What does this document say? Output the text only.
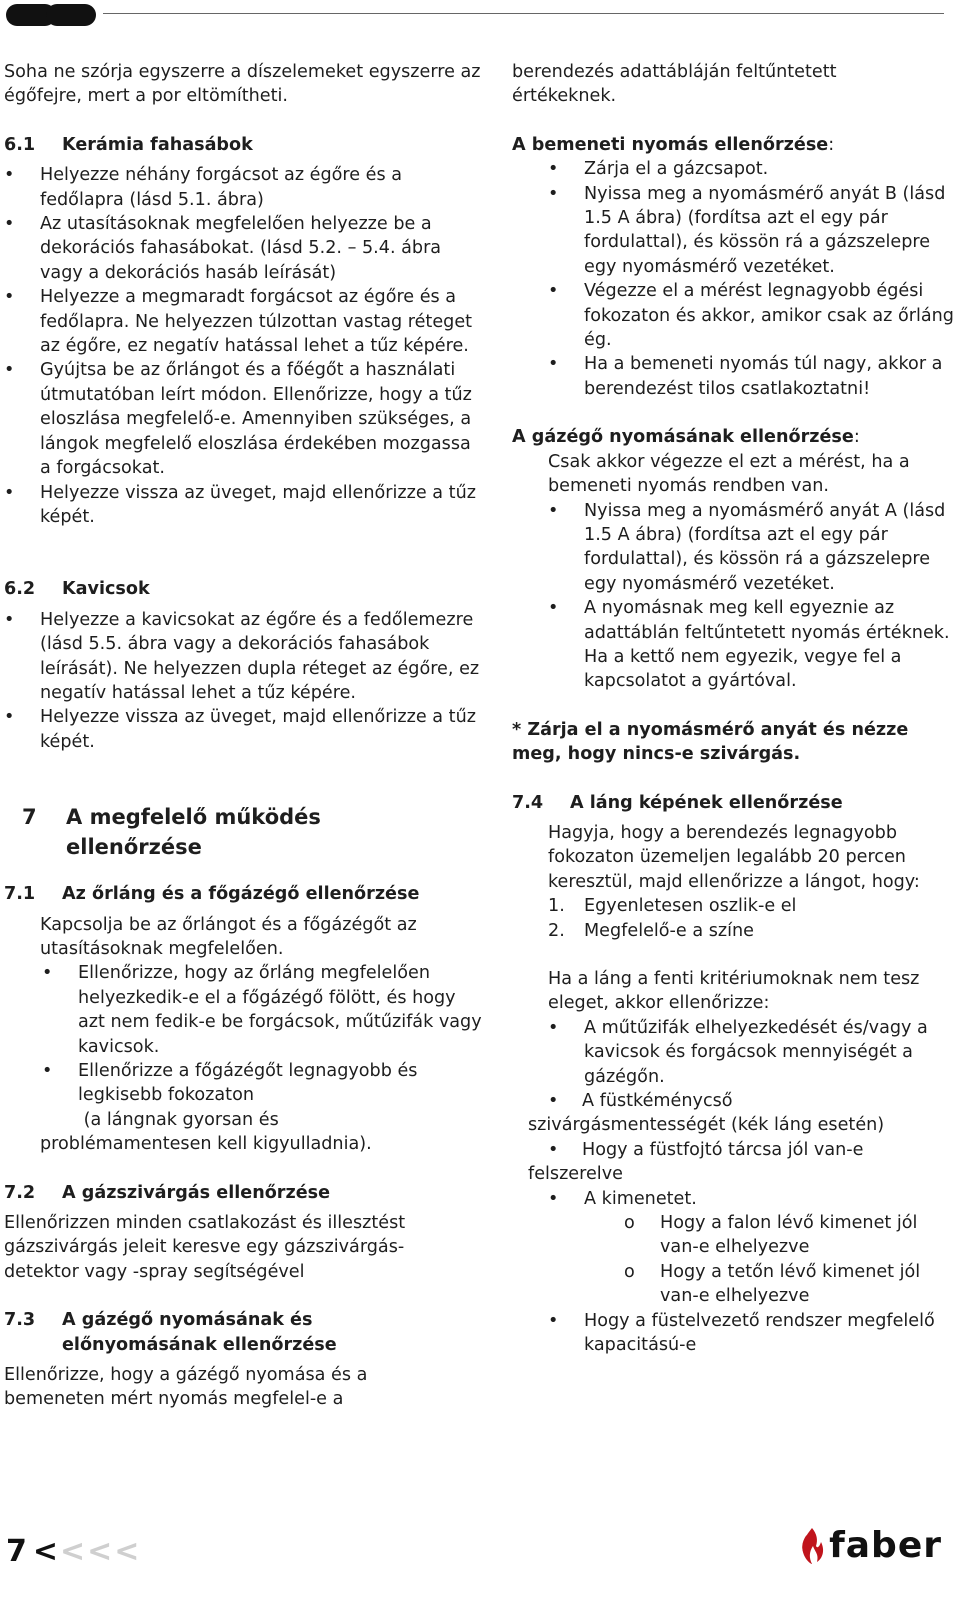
Soha ne szórja egyszerre a díszelemeket egyszerre az égőfejre, mert a por eltömítheti.

6.1	Kerámia fahasábok
• Helyezze néhány forgácsot az égőre és a fedőlapra (lásd 5.1. ábra)
• Az utasításoknak megfelelően helyezze be a dekorációs fahasábokat. (lásd 5.2. – 5.4. ábra vagy a dekorációs hasáb leírását)
• Helyezze a megmaradt forgácsot az égőre és a fedőlapra. Ne helyezzen túlzottan vastag réteget az égőre, ez negatív hatással lehet a tűz képére.
• Gyújtsa be az őrlángot és a főégőt a használati útmutatóban leírt módon. Ellenőrizze, hogy a tűz eloszlása megfelelő-e. Amennyiben szükséges, a lángok megfelelő eloszlása érdekében mozgassa a forgácsokat.
• Helyezze vissza az üveget, majd ellenőrizze a tűz képét.
6.2	Kavicsok
• Helyezze a kavicsokat az égőre és a fedőlemezre (lásd 5.5. ábra vagy a dekorációs fahasábok leírását). Ne helyezzen dupla réteget az égőre, ez negatív hatással lehet a tűz képére.
• Helyezze vissza az üveget, majd ellenőrizze a tűz képét.
7	A megfelelő működés
ellenőrzése
7.1	Az őrláng és a főgázégő ellenőrzése

Kapcsolja be az őrlángot és a főgázégőt az utasításoknak megfelelően.

• Ellenőrizze, hogy az őrláng megfelelően helyezkedik-e el a főgázégő fölött, és hogy azt nem fedik-e be forgácsok, műtűzifák vagy kavicsok.
• Ellenőrizze a főgázégőt legnagyobb és legkisebb fokozaton

(a lángnak gyorsan és

problémamentesen kell kigyulladnia).

7.2	A gázszivárgás ellenőrzése

Ellenőrizzen minden csatlakozást és illesztést gázszivárgás jeleit keresve egy gázszivárgás-detektor vagy -spray segítségével

7.3	A gázégő nyomásának és
előnyomásának ellenőrzése

Ellenőrizze, hogy a gázégő nyomása és a bemeneten mért nyomás megfelel-e a

berendezés adattábláján feltűntetett értékeknek.

A bemeneti nyomás ellenőrzése:

• Zárja el a gázcsapot.
• Nyissa meg a nyomásmérő anyát B (lásd 1.5 A ábra) (fordítsa azt el egy pár fordulattal), és kössön rá a gázszelepre egy nyomásmérő vezetéket.
• Végezze el a mérést legnagyobb égési fokozaton és akkor, amikor csak az őrláng ég.
• Ha a bemeneti nyomás túl nagy, akkor a berendezést tilos csatlakoztatni!

A gázégő nyomásának ellenőrzése:

Csak akkor végezze el ezt a mérést, ha a bemeneti nyomás rendben van.

• Nyissa meg a nyomásmérő anyát A (lásd 1.5 A ábra) (fordítsa azt el egy pár fordulattal), és kössön rá a gázszelepre egy nyomásmérő vezetéket.
• A nyomásnak meg kell egyeznie az adattáblán feltűntetett nyomás értéknek. Ha a kettő nem egyezik, vegye fel a kapcsolatot a gyártóval.

* Zárja el a nyomásmérő anyát és nézze meg, hogy nincs-e szivárgás.

7.4	A láng képének ellenőrzése

Hagyja, hogy a berendezés legnagyobb fokozaton üzemeljen legalább 20 percen keresztül, majd ellenőrizze a lángot, hogy:

1.	Egyenletesen oszlik-e el
2.	Megfelelő-e a színe

Ha a láng a fenti kritériumoknak nem tesz eleget, akkor ellenőrizze:

• A műtűzifák elhelyezkedését és/vagy a kavicsok és forgácsok mennyiségét a gázégőn.

• A füstkéménycső

szivárgásmentességét (kék láng esetén)

• Hogy a füstfojtó tárcsa jól van-e

felszerelve

• A kimenetet.
o Hogy a falon lévő kimenet jól van-e elhelyezve
o Hogy a tetőn lévő kimenet jól van-e elhelyezve
• Hogy a füstelvezető rendszer megfelelő kapacitású-e
7 <<<<	faber
